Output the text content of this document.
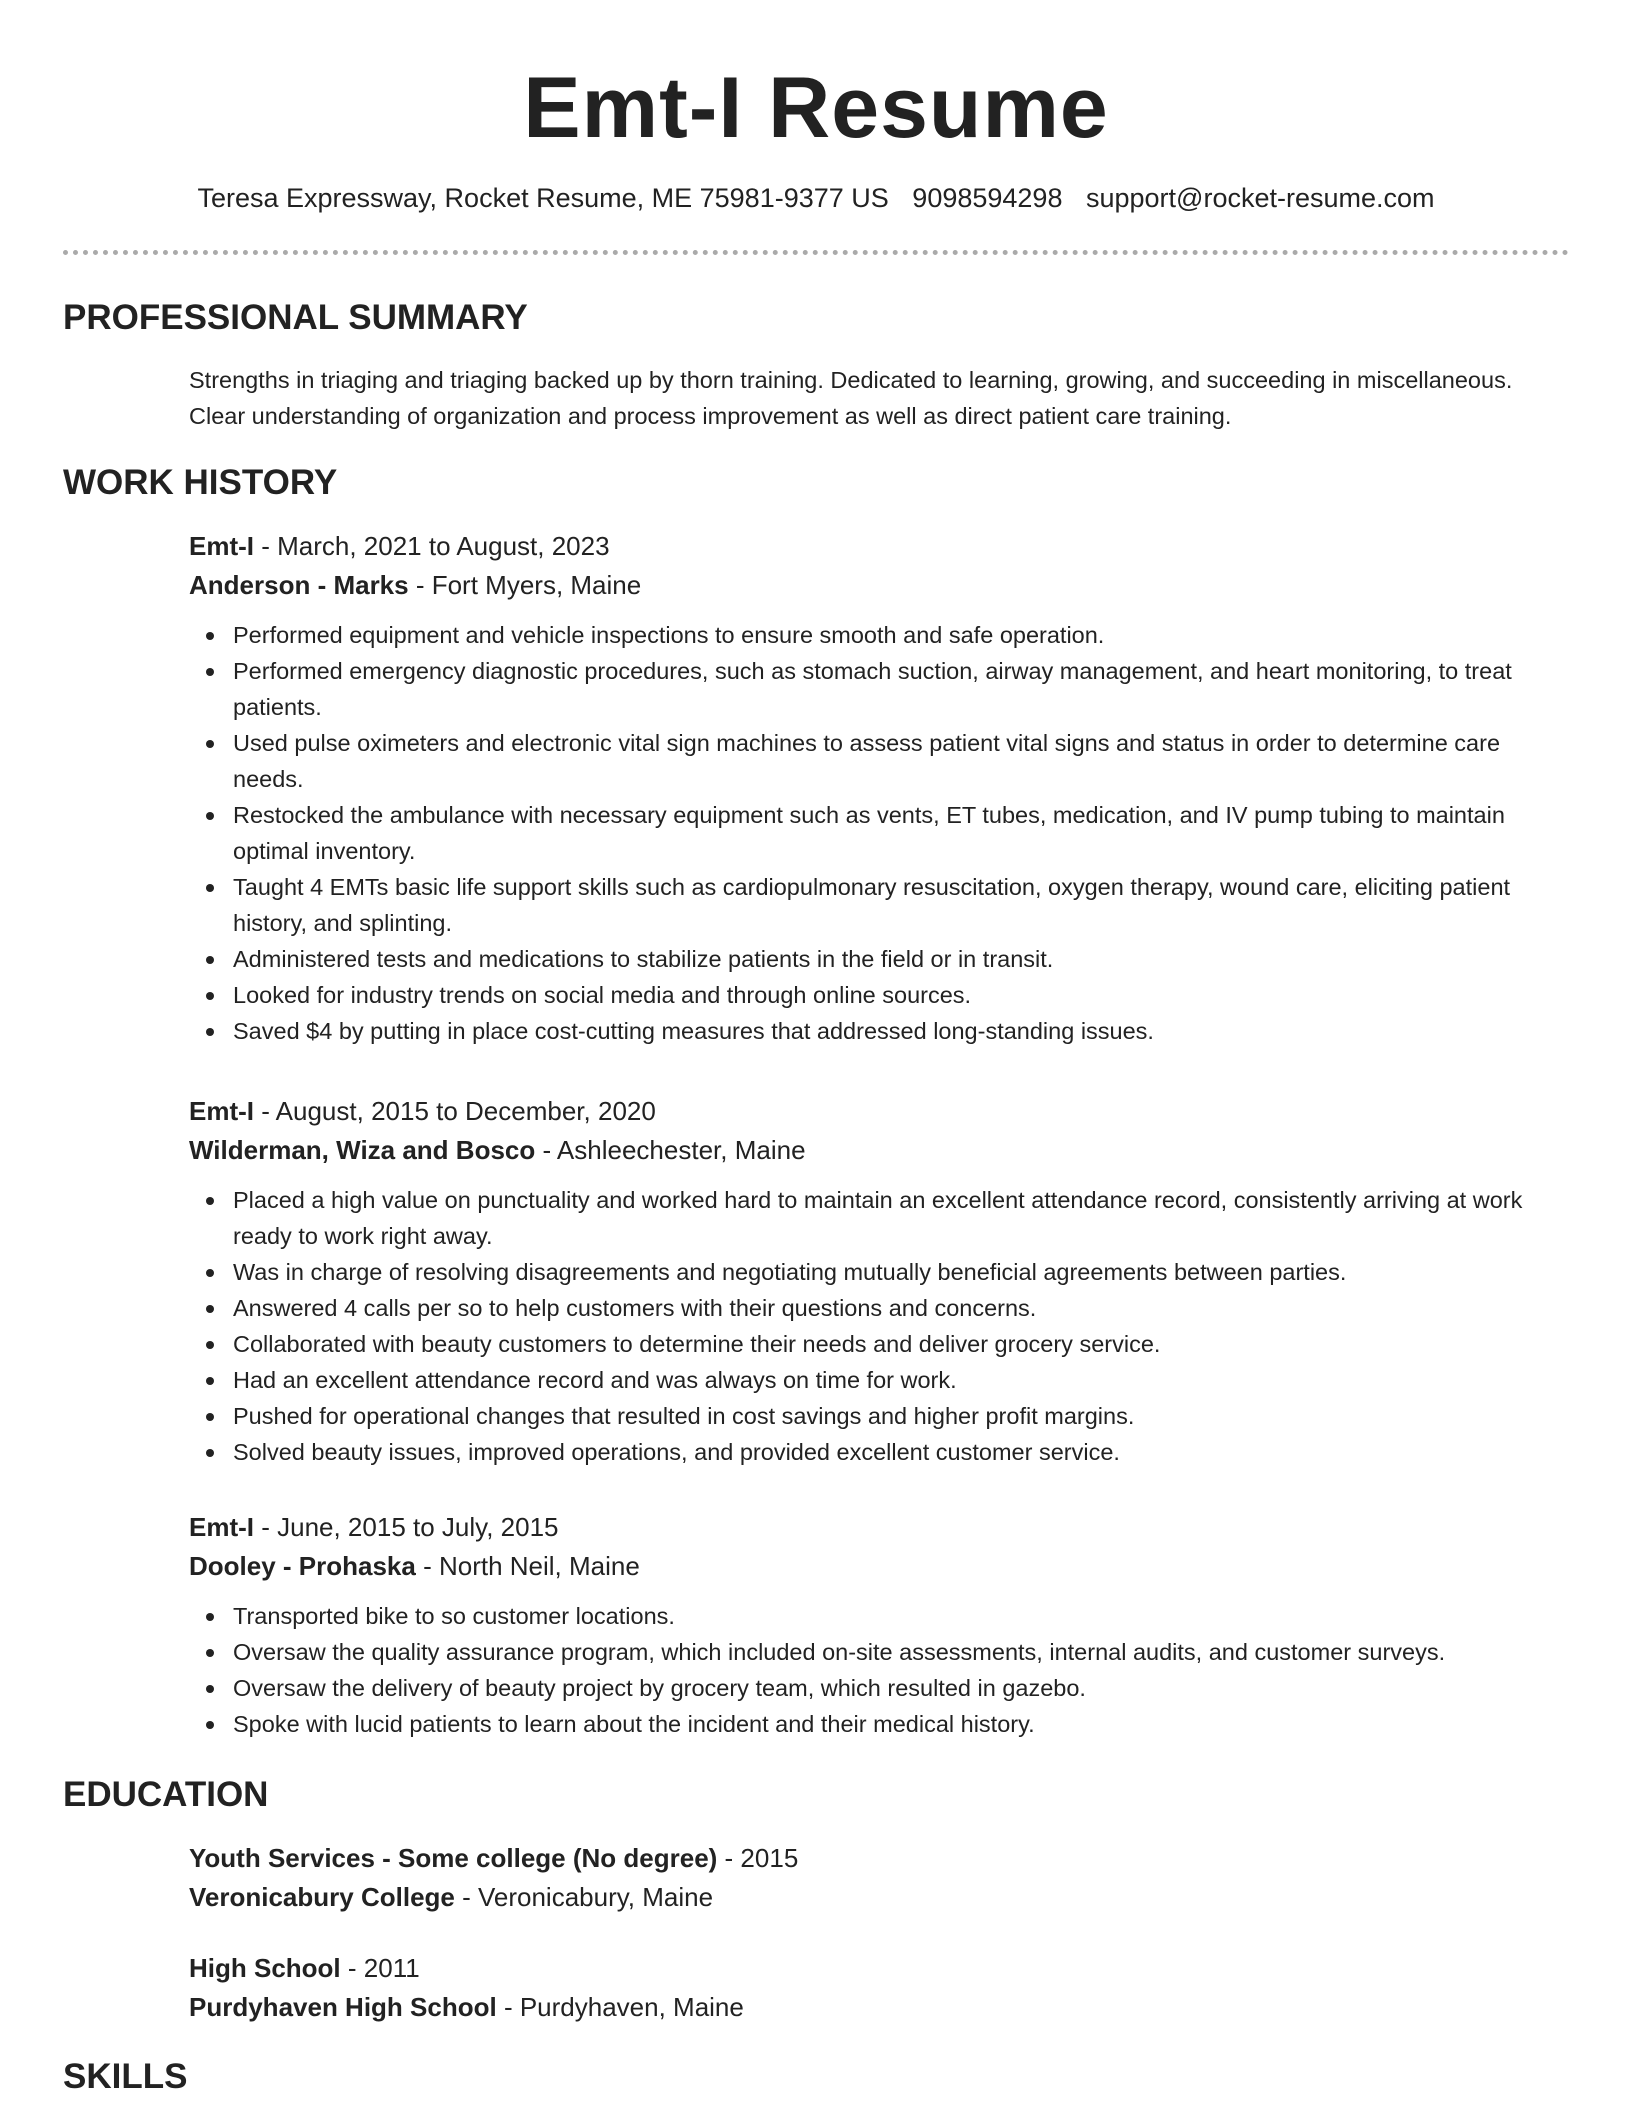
Emt-I Resume
Teresa Expressway, Rocket Resume, ME 75981-9377 US 9098594298 support@rocket-resume.com
PROFESSIONAL SUMMARY

Strengths in triaging and triaging backed up by thorn training. Dedicated to learning, growing, and succeeding in miscellaneous. Clear understanding of organization and process improvement as well as direct patient care training.

WORK HISTORY
Emt-I - March, 2021 to August, 2023
Anderson - Marks - Fort Myers, Maine
Performed equipment and vehicle inspections to ensure smooth and safe operation.
Performed emergency diagnostic procedures, such as stomach suction, airway management, and heart monitoring, to treat patients.
Used pulse oximeters and electronic vital sign machines to assess patient vital signs and status in order to determine care needs.
Restocked the ambulance with necessary equipment such as vents, ET tubes, medication, and IV pump tubing to maintain optimal inventory.
Taught 4 EMTs basic life support skills such as cardiopulmonary resuscitation, oxygen therapy, wound care, eliciting patient history, and splinting.
Administered tests and medications to stabilize patients in the field or in transit.
Looked for industry trends on social media and through online sources.
Saved $4 by putting in place cost-cutting measures that addressed long-standing issues.
Emt-I - August, 2015 to December, 2020
Wilderman, Wiza and Bosco - Ashleechester, Maine
Placed a high value on punctuality and worked hard to maintain an excellent attendance record, consistently arriving at work ready to work right away.
Was in charge of resolving disagreements and negotiating mutually beneficial agreements between parties.
Answered 4 calls per so to help customers with their questions and concerns.
Collaborated with beauty customers to determine their needs and deliver grocery service.
Had an excellent attendance record and was always on time for work.
Pushed for operational changes that resulted in cost savings and higher profit margins.
Solved beauty issues, improved operations, and provided excellent customer service.
Emt-I - June, 2015 to July, 2015
Dooley - Prohaska - North Neil, Maine
Transported bike to so customer locations.
Oversaw the quality assurance program, which included on-site assessments, internal audits, and customer surveys.
Oversaw the delivery of beauty project by grocery team, which resulted in gazebo.
Spoke with lucid patients to learn about the incident and their medical history.
EDUCATION
Youth Services - Some college (No degree) - 2015
Veronicabury College - Veronicabury, Maine
High School - 2011
Purdyhaven High School - Purdyhaven, Maine
SKILLS
